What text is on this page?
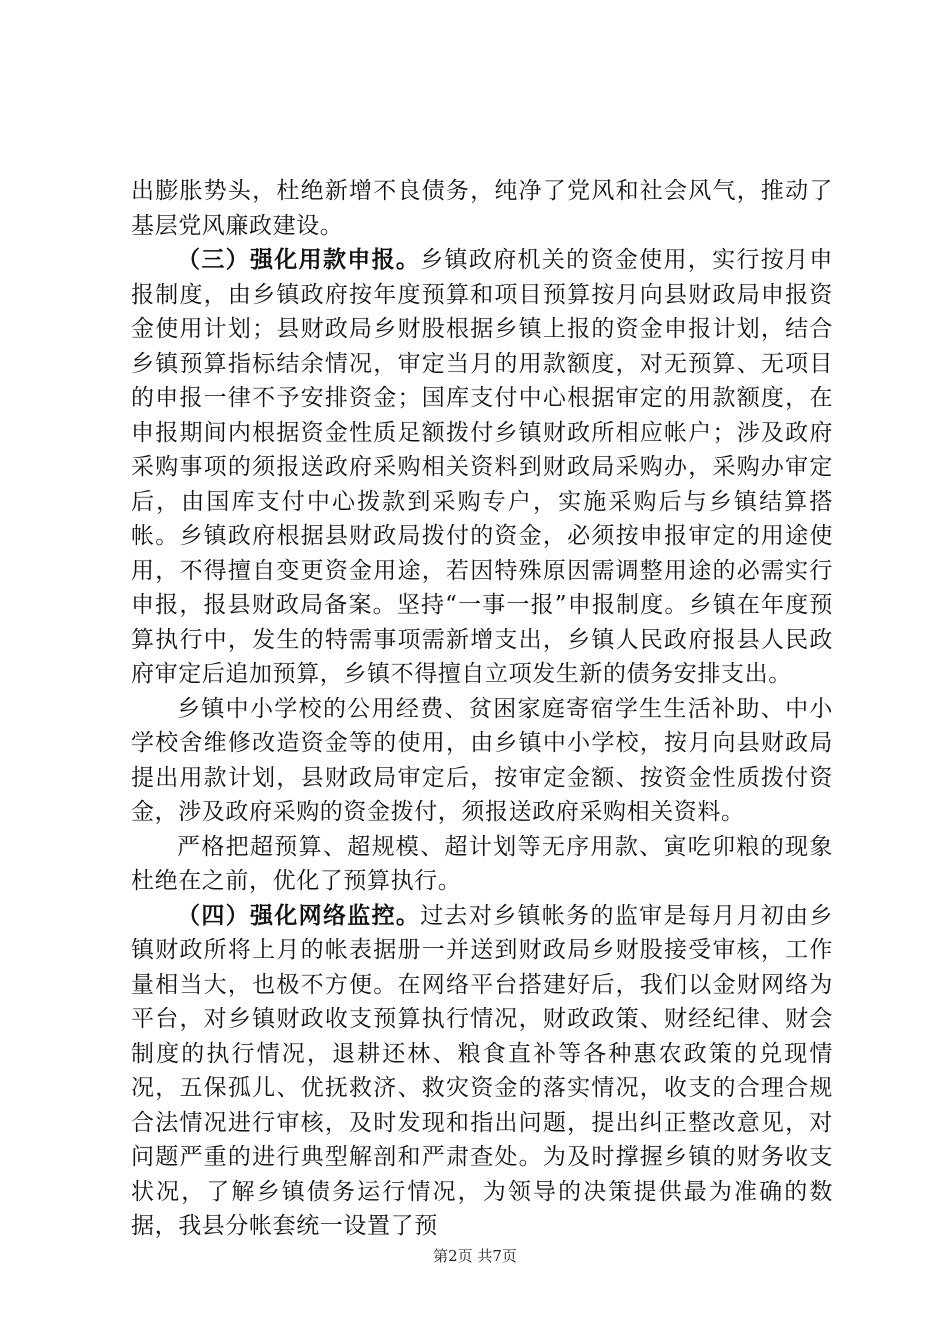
出膨胀势头，杜绝新增不良债务，纯净了党风和社会风气，推动了基层党风廉政建设。

（三）强化用款申报。乡镇政府机关的资金使用，实行按月申报制度，由乡镇政府按年度预算和项目预算按月向县财政局申报资金使用计划；县财政局乡财股根据乡镇上报的资金申报计划，结合乡镇预算指标结余情况，审定当月的用款额度，对无预算、无项目的申报一律不予安排资金；国库支付中心根据审定的用款额度，在申报期间内根据资金性质足额拨付乡镇财政所相应帐户；涉及政府采购事项的须报送政府采购相关资料到财政局采购办，采购办审定后，由国库支付中心拨款到采购专户，实施采购后与乡镇结算搭帐。乡镇政府根据县财政局拨付的资金，必须按申报审定的用途使用，不得擅自变更资金用途，若因特殊原因需调整用途的必需实行申报，报县财政局备案。坚持“一事一报”申报制度。乡镇在年度预算执行中，发生的特需事项需新增支出，乡镇人民政府报县人民政府审定后追加预算，乡镇不得擅自立项发生新的债务安排支出。

乡镇中小学校的公用经费、贫困家庭寄宿学生生活补助、中小学校舍维修改造资金等的使用，由乡镇中小学校，按月向县财政局提出用款计划，县财政局审定后，按审定金额、按资金性质拨付资金，涉及政府采购的资金拨付，须报送政府采购相关资料。

严格把超预算、超规模、超计划等无序用款、寅吃卯粮的现象杜绝在之前，优化了预算执行。

（四）强化网络监控。过去对乡镇帐务的监审是每月月初由乡镇财政所将上月的帐表据册一并送到财政局乡财股接受审核，工作量相当大，也极不方便。在网络平台搭建好后，我们以金财网络为平台，对乡镇财政收支预算执行情况，财政政策、财经纪律、财会制度的执行情况，退耕还林、粮食直补等各种惠农政策的兑现情况，五保孤儿、优抚救济、救灾资金的落实情况，收支的合理合规合法情况进行审核，及时发现和指出问题，提出纠正整改意见，对问题严重的进行典型解剖和严肃查处。为及时撑握乡镇的财务收支状况，了解乡镇债务运行情况，为领导的决策提供最为准确的数据，我县分帐套统一设置了预

第2页 共7页
